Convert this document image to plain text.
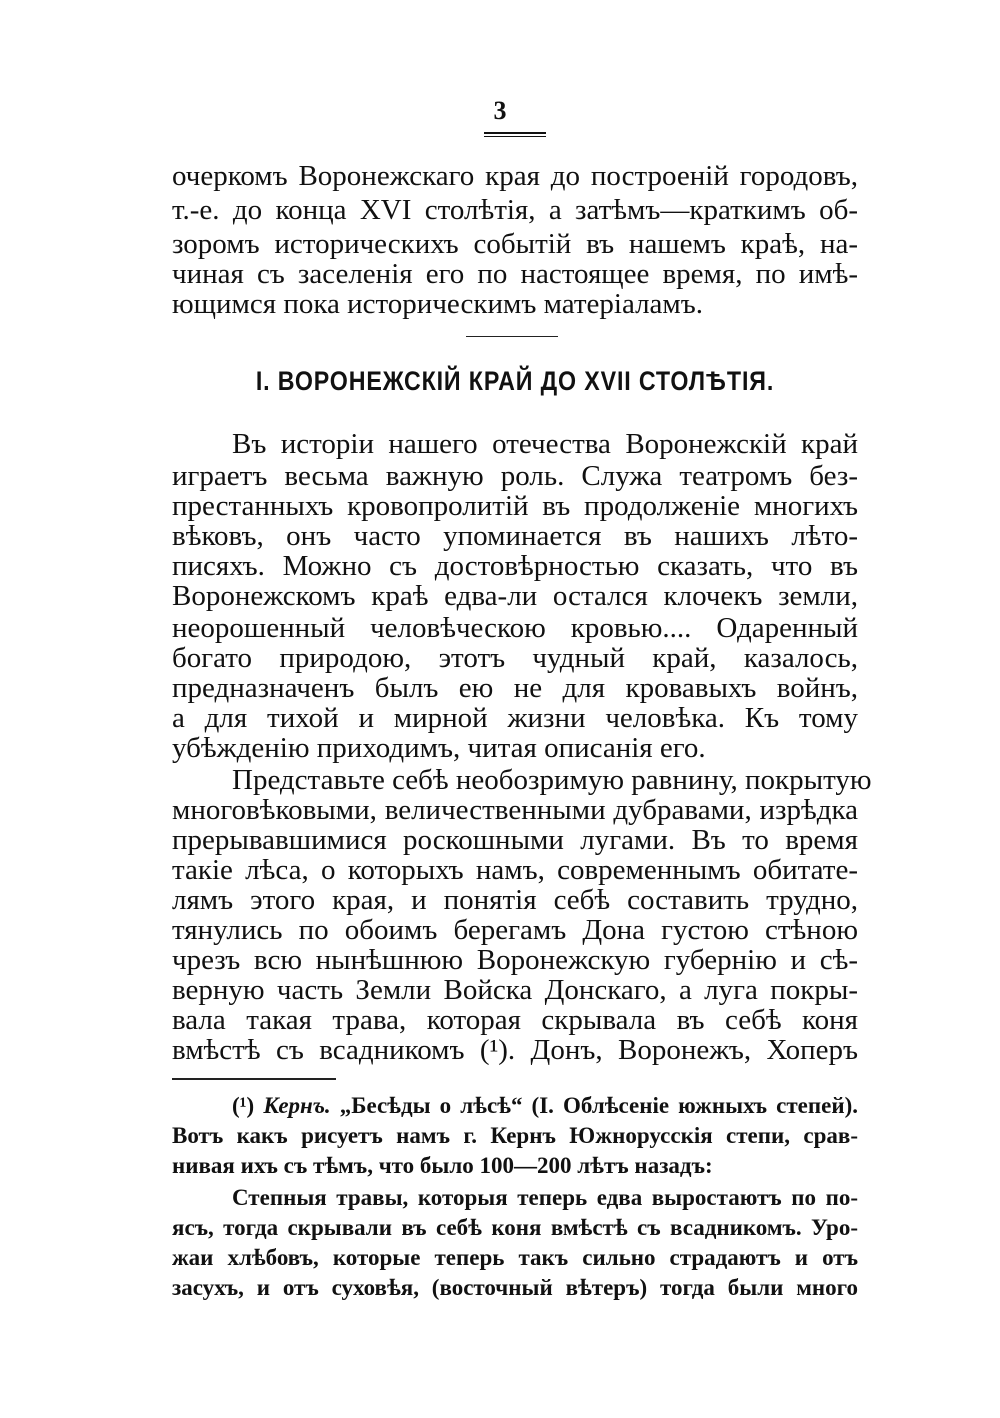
3
очеркомъ Воронежскаго края до построеній городовъ,
т.-е. до конца XVI столѣтія, а затѣмъ—краткимъ об-
зоромъ историческихъ событій въ нашемъ краѣ, на-
чиная съ заселенія его по настоящее время, по имѣ-
ющимся пока историческимъ матеріаламъ.
I. ВОРОНЕЖСКІЙ КРАЙ ДО XVII СТОЛѢТІЯ.
Въ исторіи нашего отечества Воронежскій край
играетъ весьма важную роль. Служа театромъ без-
престанныхъ кровопролитій въ продолженіе многихъ
вѣковъ, онъ часто упоминается въ нашихъ лѣто-
писяхъ. Можно съ достовѣрностью сказать, что въ
Воронежскомъ краѣ едва-ли остался клочекъ земли,
неорошенный человѣческою кровью.... Одаренный
богато природою, этотъ чудный край, казалось,
предназначенъ былъ ею не для кровавыхъ войнъ,
а для тихой и мирной жизни человѣка. Къ тому
убѣжденію приходимъ, читая описанія его.
Представьте себѣ необозримую равнину, покрытую
многовѣковыми, величественными дубравами, изрѣдка
прерывавшимися роскошными лугами. Въ то время
такіе лѣса, о которыхъ намъ, современнымъ обитате-
лямъ этого края, и понятія себѣ составить трудно,
тянулись по обоимъ берегамъ Дона густою стѣною
чрезъ всю нынѣшнюю Воронежскую губернію и сѣ-
верную часть Земли Войска Донскаго, а луга покры-
вала такая трава, которая скрывала въ себѣ коня
вмѣстѣ съ всадникомъ (¹). Донъ, Воронежъ, Хоперъ
(¹) Кернъ. „Бесѣды о лѣсѣ“ (I. Облѣсеніе южныхъ степей).
Вотъ какъ рисуетъ намъ г. Кернъ Южнорусскія степи, срав-
нивая ихъ съ тѣмъ, что было 100—200 лѣтъ назадъ:
Степныя травы, которыя теперь едва выростаютъ по по-
ясъ, тогда скрывали въ себѣ коня вмѣстѣ съ всадникомъ. Уро-
жаи хлѣбовъ, которые теперь такъ сильно страдаютъ и отъ
засухъ, и отъ суховѣя, (восточный вѣтеръ) тогда были много
